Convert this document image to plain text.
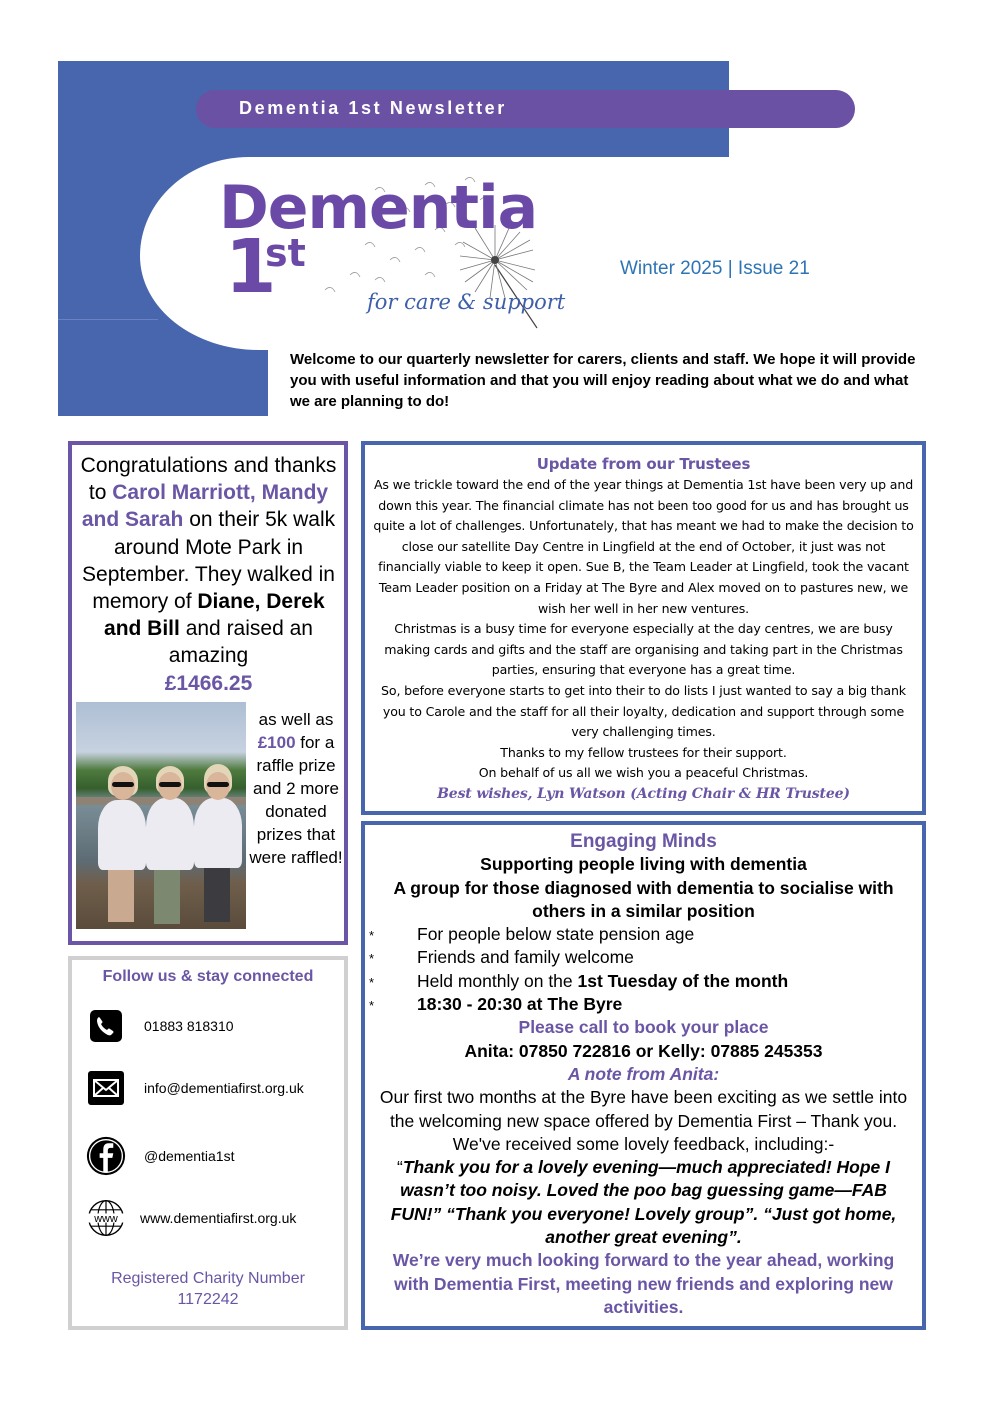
Dementia 1st Newsletter
Dementia
1
st
for care & support
Winter 2025 | Issue 21
Welcome to our quarterly newsletter for carers, clients and staff. We hope it will provide you with useful information and that you will enjoy reading about what we do and what we are planning to do!
Congratulations and thanks to Carol Marriott, Mandy and Sarah on their 5k walk around Mote Park in September. They walked in memory of Diane, Derek and Bill and raised an amazing
£1466.25
as well as
£100 for a raffle prize and 2 more donated prizes that were raffled!
Update from our Trustees
As we trickle toward the end of the year things at Dementia 1st have been very up and down this year. The financial climate has not been too good for us and has brought us quite a lot of challenges. Unfortunately, that has meant we had to make the decision to close our satellite Day Centre in Lingfield at the end of October, it just was not financially viable to keep it open. Sue B, the Team Leader at Lingfield, took the vacant Team Leader position on a Friday at The Byre and Alex moved on to pastures new, we wish her well in her new ventures.
Christmas is a busy time for everyone especially at the day centres, we are busy making cards and gifts and the staff are organising and taking part in the Christmas parties, ensuring that everyone has a great time.
So, before everyone starts to get into their to do lists I just wanted to say a big thank you to Carole and the staff for all their loyalty, dedication and support through some very challenging times.
Thanks to my fellow trustees for their support.
On behalf of us all we wish you a peaceful Christmas.
Best wishes, Lyn Watson (Acting Chair & HR Trustee)
Engaging Minds
Supporting people living with dementia
A group for those diagnosed with dementia to socialise with others in a similar position
* For people below state pension age
* Friends and family welcome
* Held monthly on the 1st Tuesday of the month
* 18:30 - 20:30 at The Byre
Please call to book your place
Anita: 07850 722816 or Kelly: 07885 245353
A note from Anita:
Our first two months at the Byre have been exciting as we settle into the welcoming new space offered by Dementia First – Thank you. We've received some lovely feedback, including:-
“Thank you for a lovely evening—much appreciated! Hope I wasn’t too noisy. Loved the poo bag guessing game—FAB FUN!” “Thank you everyone! Lovely group”. “Just got home, another great evening”.
We’re very much looking forward to the year ahead, working with Dementia First, meeting new friends and exploring new activities.
Follow us & stay connected
01883 818310
info@dementiafirst.org.uk
@dementia1st
www www.dementiafirst.org.uk
Registered Charity Number
1172242
